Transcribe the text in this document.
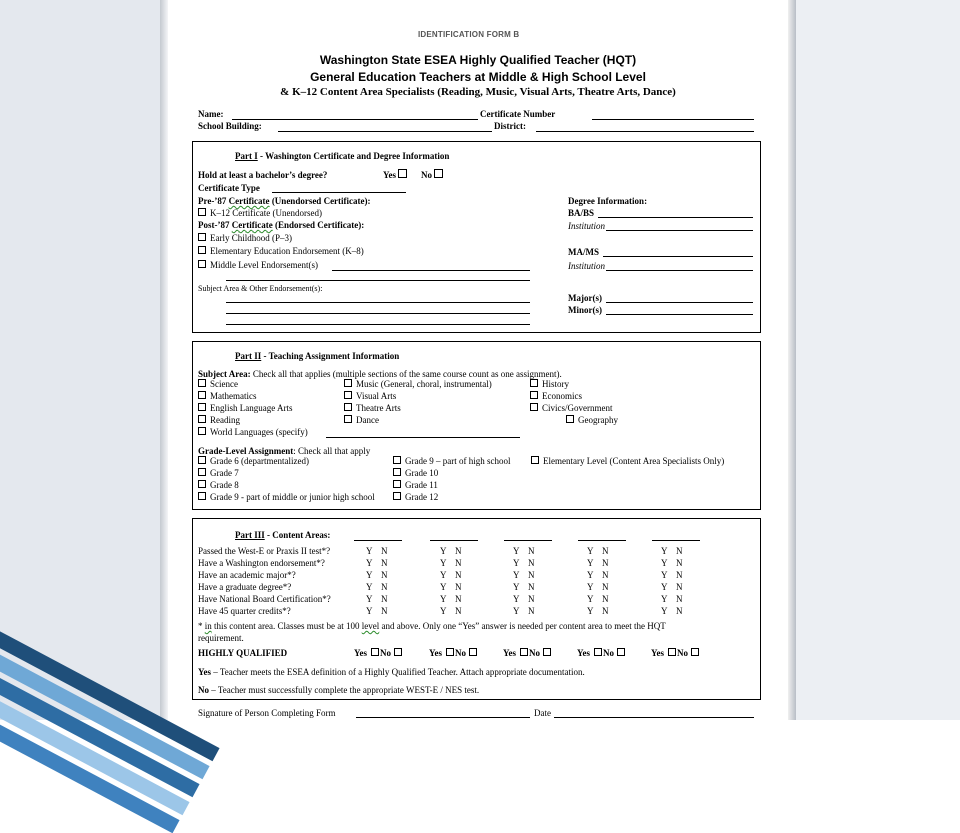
IDENTIFICATION FORM B
Washington State ESEA Highly Qualified Teacher (HQT)
General Education Teachers at Middle & High School Level
& K–12 Content Area Specialists (Reading, Music, Visual Arts, Theatre Arts, Dance)
Name:	Certificate Number
School Building:	District:
Part I - Washington Certificate and Degree Information
Hold at least a bachelor’s degree?	Yes	No
Certificate Type
Pre-’87 Certificate (Unendorsed Certificate):
K–12 Certificate (Unendorsed)
Post-’87 Certificate (Endorsed Certificate):
Early Childhood (P–3)
Elementary Education Endorsement (K–8)
Middle Level Endorsement(s)
Subject Area & Other Endorsement(s):
Degree Information:
BA/BS
Institution
MA/MS
Institution
Major(s)
Minor(s)
Part II - Teaching Assignment Information
Subject Area: Check all that applies (multiple sections of the same course count as one assignment).
Science
Mathematics
English Language Arts
Reading
World Languages (specify)
Music (General, choral, instrumental)
Visual Arts
Theatre Arts
Dance
History
Economics
Civics/Government
Geography
Grade-Level Assignment: Check all that apply
Grade 6 (departmentalized)
Grade 7
Grade 8
Grade 9 - part of middle or junior high school
Grade 9 – part of high school
Grade 10
Grade 11
Grade 12
Elementary Level (Content Area Specialists Only)
Part III - Content Areas:
Passed the West-E or Praxis II test*?	Y N	Y N	Y N	Y N	Y N
Have a Washington endorsement*?	Y N	Y N	Y N	Y N	Y N
Have an academic major*?	Y N	Y N	Y N	Y N	Y N
Have a graduate degree*?	Y N	Y N	Y N	Y N	Y N
Have National Board Certification*?	Y N	Y N	Y N	Y N	Y N
Have 45 quarter credits*?	Y N	Y N	Y N	Y N	Y N
* in this content area. Classes must be at 100 level and above. Only one “Yes” answer is needed per content area to meet the HQT
requirement.
HIGHLY QUALIFIED	Yes No	Yes No	Yes No	Yes No	Yes No
Yes – Teacher meets the ESEA definition of a Highly Qualified Teacher. Attach appropriate documentation.
No – Teacher must successfully complete the appropriate WEST-E / NES test.
Signature of Person Completing Form	Date
